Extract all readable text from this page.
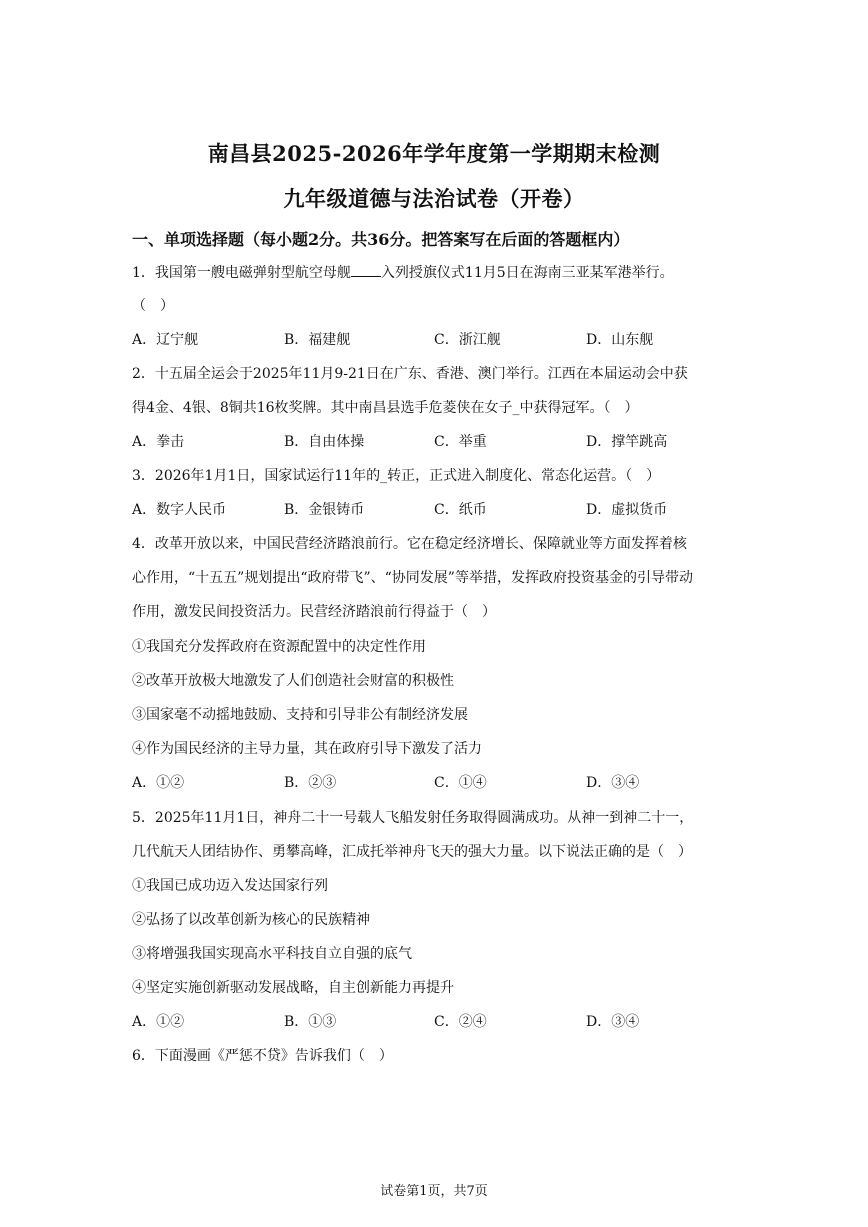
南昌县2025-2026年学年度第一学期期末检测
九年级道德与法治试卷（开卷）
一、单项选择题（每小题2分。共36分。把答案写在后面的答题框内）
1．我国第一艘电磁弹射型航空母舰 入列授旗仪式11月5日在海南三亚某军港举行。
（　）
A．辽宁舰	B．福建舰	C．浙江舰	D．山东舰
2．十五届全运会于2025年11月9-21日在广东、香港、澳门举行。江西在本届运动会中获
得4金、4银、8铜共16枚奖牌。其中南昌县选手危菱侠在女子_中获得冠军。（　）
A．拳击	B．自由体操	C．举重	D．撑竿跳高
3．2026年1月1日，国家试运行11年的_转正，正式进入制度化、常态化运营。（　）
A．数字人民币	B．金银铸币	C．纸币	D．虚拟货币
4．改革开放以来，中国民营经济踏浪前行。它在稳定经济增长、保障就业等方面发挥着核
心作用，“十五五”规划提出“政府带飞”、“协同发展”等举措，发挥政府投资基金的引导带动
作用，激发民间投资活力。民营经济踏浪前行得益于（　）
①我国充分发挥政府在资源配置中的决定性作用
②改革开放极大地激发了人们创造社会财富的积极性
③国家毫不动摇地鼓励、支持和引导非公有制经济发展
④作为国民经济的主导力量，其在政府引导下激发了活力
A．①②	B．②③	C．①④	D．③④
5．2025年11月1日，神舟二十一号载人飞船发射任务取得圆满成功。从神一到神二十一，
几代航天人团结协作、勇攀高峰，汇成托举神舟飞天的强大力量。以下说法正确的是（　）
①我国已成功迈入发达国家行列
②弘扬了以改革创新为核心的民族精神
③将增强我国实现高水平科技自立自强的底气
④坚定实施创新驱动发展战略，自主创新能力再提升
A．①②	B．①③	C．②④	D．③④
6．下面漫画《严惩不贷》告诉我们（　）
试卷第1页，共7页
